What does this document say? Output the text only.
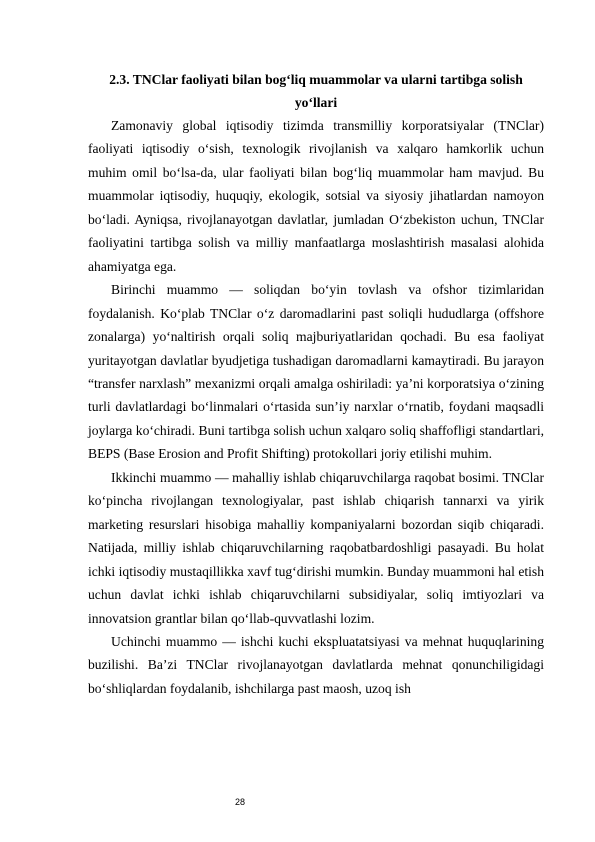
2.3. TNClar faoliyati bilan bog‘liq muammolar va ularni tartibga solish
yo‘llari

Zamonaviy global iqtisodiy tizimda transmilliy korporatsiyalar (TNClar) faoliyati iqtisodiy o‘sish, texnologik rivojlanish va xalqaro hamkorlik uchun muhim omil bo‘lsa-da, ular faoliyati bilan bog‘liq muammolar ham mavjud. Bu muammolar iqtisodiy, huquqiy, ekologik, sotsial va siyosiy jihatlardan namoyon bo‘ladi. Ayniqsa, rivojlanayotgan davlatlar, jumladan O‘zbekiston uchun, TNClar faoliyatini tartibga solish va milliy manfaatlarga moslashtirish masalasi alohida ahamiyatga ega.

Birinchi muammo — soliqdan bo‘yin tovlash va ofshor tizimlaridan foydalanish. Ko‘plab TNClar o‘z daromadlarini past soliqli hududlarga (offshore zonalarga) yo‘naltirish orqali soliq majburiyatlaridan qochadi. Bu esa faoliyat yuritayotgan davlatlar byudjetiga tushadigan daromadlarni kamaytiradi. Bu jarayon “transfer narxlash” mexanizmi orqali amalga oshiriladi: ya’ni korporatsiya o‘zining turli davlatlardagi bo‘linmalari o‘rtasida sun’iy narxlar o‘rnatib, foydani maqsadli joylarga ko‘chiradi. Buni tartibga solish uchun xalqaro soliq shaffofligi standartlari, BEPS (Base Erosion and Profit Shifting) protokollari joriy etilishi muhim.

Ikkinchi muammo — mahalliy ishlab chiqaruvchilarga raqobat bosimi. TNClar ko‘pincha rivojlangan texnologiyalar, past ishlab chiqarish tannarxi va yirik marketing resurslari hisobiga mahalliy kompaniyalarni bozordan siqib chiqaradi. Natijada, milliy ishlab chiqaruvchilarning raqobatbardoshligi pasayadi. Bu holat ichki iqtisodiy mustaqillikka xavf tug‘dirishi mumkin. Bunday muammoni hal etish uchun davlat ichki ishlab chiqaruvchilarni subsidiyalar, soliq imtiyozlari va innovatsion grantlar bilan qo‘llab-quvvatlashi lozim.

Uchinchi muammo — ishchi kuchi ekspluatatsiyasi va mehnat huquqlarining buzilishi. Ba’zi TNClar rivojlanayotgan davlatlarda mehnat qonunchiligidagi bo‘shliqlardan foydalanib, ishchilarga past maosh, uzoq ish

28
